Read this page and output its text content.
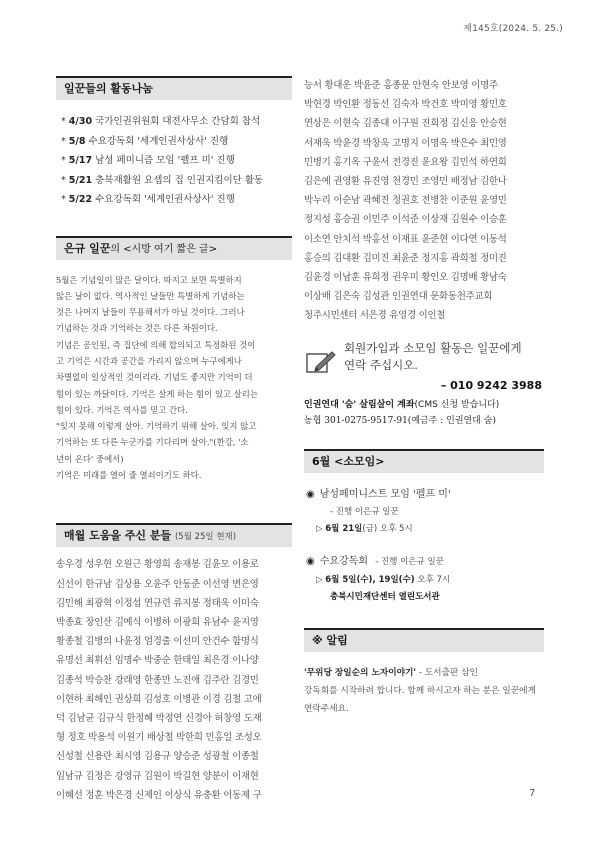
제145호(2024. 5. 25.)
일꾼들의 활동나눔
* 4/30 국가인권위원회 대전사무소 간담회 참석
* 5/8 수요강독회 '세계인권사상사' 진행
* 5/17 남성 페미니즘 모임 '펠프 미' 진행
* 5/21 충북재활원 요셉의 집 인권지킴이단 활동
* 5/22 수요강독회 '세계인권사상사' 진행
은규 일꾼의 <시방 여기 짧은 글>

5월은 기념일이 많은 달이다. 따지고 보면 특별하지
않은 날이 없다. 역사적인 날들만 특별하게 기념하는
것은 나머지 날들이 무용해서가 아닐 것이다. 그러나
기념하는 것과 기억하는 것은 다른 차원이다.

기념은 공인된, 즉 집단에 의해 합의되고 특정화된 것이
고 기억은 시간과 공간을 가리지 않으며 누구에게나
차별없이 일상적인 것이리라. 기념도 좋지만 기억이 더
힘이 있는 까닭이다. 기억은 살게 하는 힘이 있고 살리는
힘이 있다. 기억은 역사를 믿고 간다.

"잊지 못해 이렇게 살아. 기억하기 위해 살아. 잊지 않고
기억하는 또 다른 누군가를 기다리며 살아."(한강, '소
년이 온다' 중에서)

기억은 미래를 열어 줄 열쇠이기도 하다.

매월 도움을 주신 분들 (5월 25일 현재)
송우경 성우현 오원근 황영희 송재봉 김윤모 이용로
신선이 한규남 김상용 오윤주 안동준 이선영 변은영
김민해 최광혁 이정섭 연규련 류지봉 정태욱 이미숙
박종효 장인산 김예식 이병하 이광희 유남수 윤지영
황종철 김병의 나윤정 엄경출 이선미 안건수 함명식
유명선 최휘선 임명수 박중순 한태일 최은경 이나양
김종석 박승찬 강래영 한종만 노진애 김주란 김경민
이현하 최해인 권상희 김성호 이병관 이경 김철 고애
덕 김남균 김규식 한정혜 박정연 신경아 허창영 도재
형 정호 박용석 이원기 배상철 박한희 민홍일 조성오
신성철 신용란 최시영 김용규 양승준 성광철 이종철
임남규 김정은 강영규 김원이 박길현 양분이 이재현
이혜선 정훈 박은경 신제인 이상식 유충환 이동제 구
능서 황대운 박윤준 홍종문 안현숙 안보영 이명주
박현경 박인환 정동선 김숙자 박건호 박미영 황민호
연상은 이현숙 김종대 이구원 진희정 김신응 안승현
서재욱 박윤경 박창욱 고명지 이명옥 박은수 최민영
민병기 홍기옥 구윤서 전경진 윤요왕 김민석 하연희
김은예 권영환 유진영 천경민 조영민 배정남 김한나
박누리 이순남 곽혜진 정권호 전병찬 이준원 윤영민
정지성 홍승권 이민주 이석준 이상재 김원수 이승훈
이소연 안치석 박홍선 이재표 윤준현 이다연 이동석
홍승의 김대환 김미진 최윤준 정지홍 곽희철 정미진
김윤경 이남훈 유희정 권우미 황인오 김명배 황남숙
이상배 김은숙 김성관 인권연대 문화동천주교회
청주시민센터 서은경 유영경 이인철
회원가입과 소모임 활동은 일꾼에게
연락 주십시오.
– 010 9242 3988
인권연대 '숨' 살림살이 계좌(CMS 신청 받습니다)
농협 301-0275-9517-91(예금주 : 인권연대 숨)
6월 <소모임>
◉ 남성페미니스트 모임 '펠프 미'
- 진행 이은규 일꾼
▷ 6월 21일(금) 오후 5시
◉ 수요강독회 - 진행 이은규 일꾼
▷ 6월 5일(수), 19일(수) 오후 7시
충북시민재단센터 열린도서관
※ 알림
'무위당 장일순의 노자이야기' - 도서출판 삼인
강독회를 시작하려 합니다. 함께 하시고자 하는 분은 일꾼에게 연락주세요.
7
